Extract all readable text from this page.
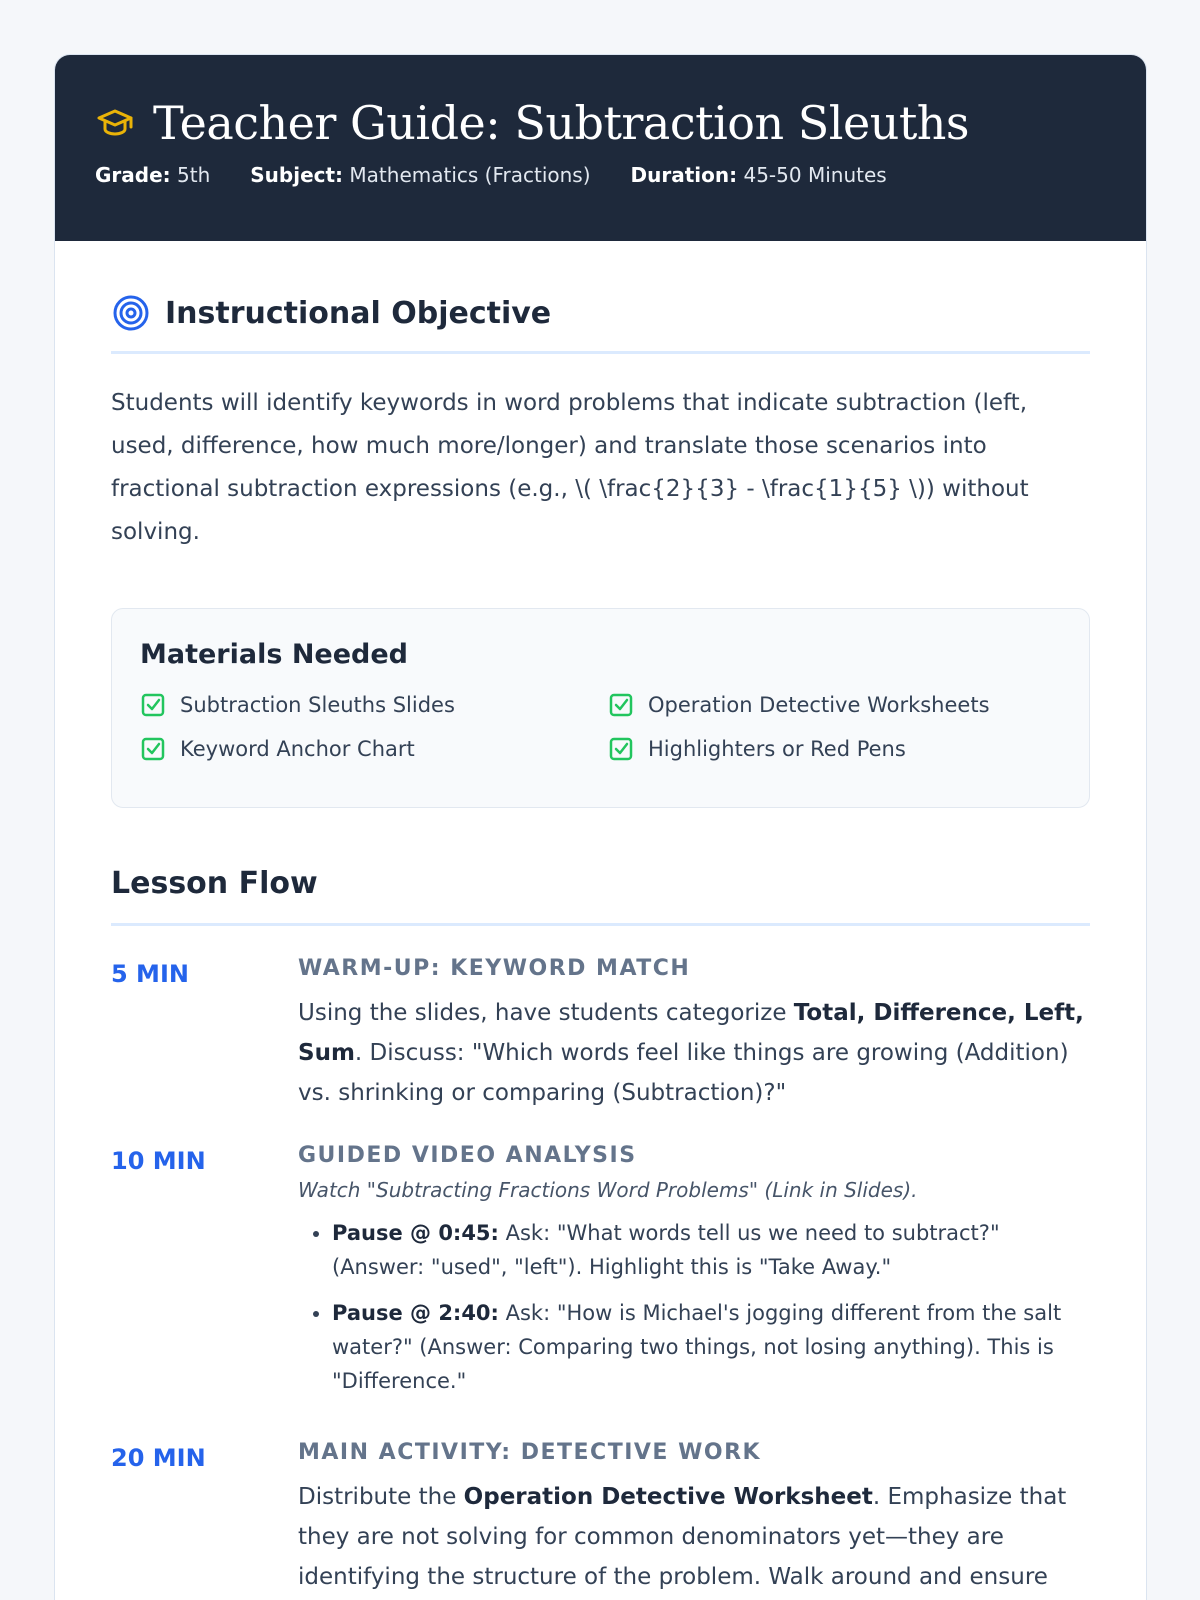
Teacher Guide: Subtraction Sleuths
Grade: 5th Subject: Mathematics (Fractions) Duration: 45-50 Minutes
Instructional Objective

Students will identify keywords in word problems that indicate subtraction (left, used, difference, how much more/longer) and translate those scenarios into fractional subtraction expressions (e.g., \( \frac{2}{3} - \frac{1}{5} \)) without solving.

Materials Needed
Subtraction Sleuths Slides	Operation Detective Worksheets
Keyword Anchor Chart	Highlighters or Red Pens
Lesson Flow
5 MIN	WARM-UP: KEYWORD MATCH

Using the slides, have students categorize Total, Difference, Left, Sum. Discuss: "Which words feel like things are growing (Addition) vs. shrinking or comparing (Subtraction)?"

10 MIN	GUIDED VIDEO ANALYSIS

Watch "Subtracting Fractions Word Problems" (Link in Slides).

• Pause @ 0:45: Ask: "What words tell us we need to subtract?" (Answer: "used", "left"). Highlight this is "Take Away."
• Pause @ 2:40: Ask: "How is Michael's jogging different from the salt water?" (Answer: Comparing two things, not losing anything). This is "Difference."
20 MIN	MAIN ACTIVITY: DETECTIVE WORK

Distribute the Operation Detective Worksheet. Emphasize that they are not solving for common denominators yet—they are identifying the structure of the problem. Walk around and ensure
